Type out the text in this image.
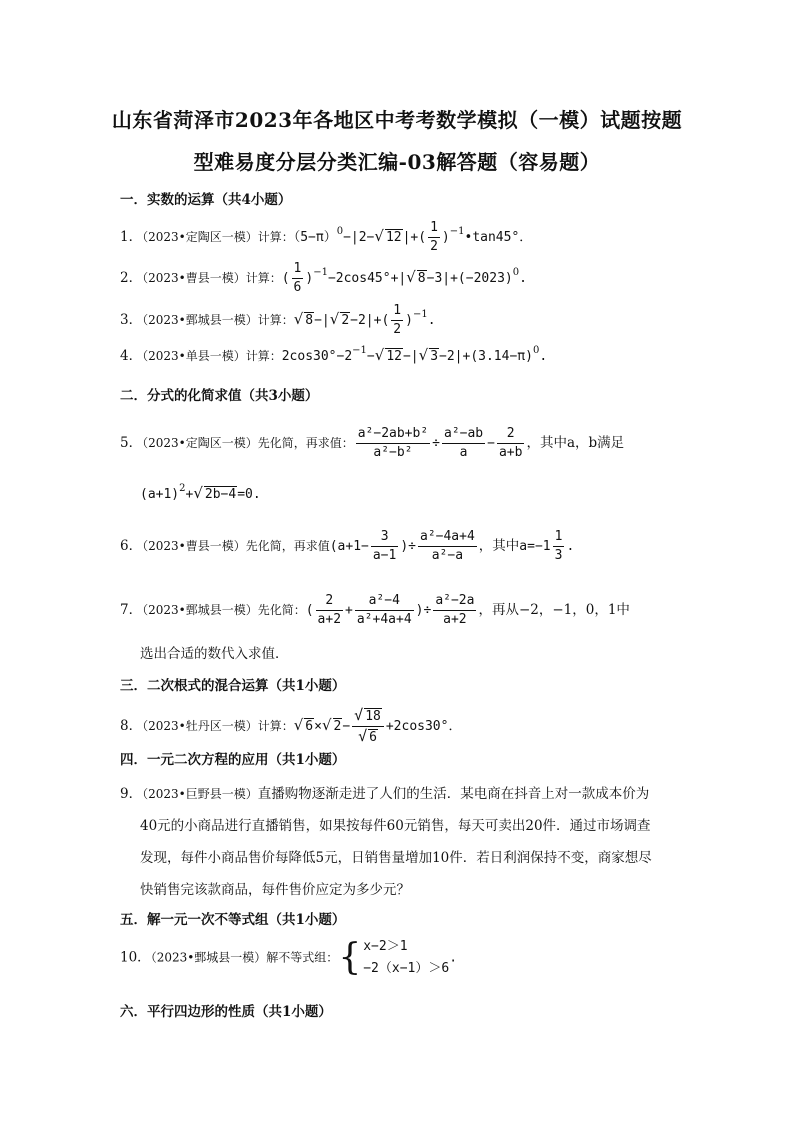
山东省菏泽市2023年各地区中考考数学模拟（一模）试题按题
型难易度分层分类汇编-03解答题（容易题）
一．实数的运算（共4小题）
1．（2023•定陶区一模）计算：$(5-\pi)^0-|2-√$ $12|+( \frac{1}{2}$ )$^{-1}•\tan 45^\circ$．
2．（2023•曹县一模）计算：( $\frac{1}{6} )^{-1}-2\cos 45^\circ+|√$ $8-3|+(-2023)^0$.
3．（2023•鄄城县一模）计算：√ 8−|√ $2-2|+( \frac{1}{2} )^{-1}$.
4．（2023•单县一模）计算：$2\cos 30^\circ-2^{-1}-√$ 12−|√ $3-2|+(3.14-\pi)^0$.
二．分式的化简求值（共3小题）
5．（2023•定陶区一模）先化简，再求值： $\frac{\text{a²−2ab+b²}}{\text{a²−b²}} \div \frac{\text{a²−ab}}{a} - \frac{2}{a+b}$ ，其中a，b满足
$(a+1)^2+√$ 2b−4=0.
6．（2023•曹县一模）先化简，再求值($a+1- \frac{3}{a-1}$ )÷ $\frac{\text{a²−4a+4}}{\text{a²−a}}$ ，其中$a=-1 \frac{1}{3}$ .
7．（2023•鄄城县一模）先化简：( $\frac{2}{a+2} + \frac{\text{a²−4}}{\text{a²+4a+4}}$ )÷ $\frac{\text{a²−2a}}{a+2}$ ，再从−2，−1，0，1中
选出合适的数代入求值．
三．二次根式的混合运算（共1小题）
8．（2023•牡丹区一模）计算：√ 6×√ $2- \frac{√ 18}{√ 6} +2\cos 30^\circ$．
四．一元二次方程的应用（共1小题）
9．（2023•巨野县一模）直播购物逐渐走进了人们的生活．某电商在抖音上对一款成本价为
40元的小商品进行直播销售，如果按每件60元销售，每天可卖出20件．通过市场调查
发现，每件小商品售价每降低5元，日销售量增加10件．若日利润保持不变，商家想尽
快销售完该款商品，每件售价应定为多少元？
五．解一元一次不等式组（共1小题）
10．（2023•鄄城县一模）解不等式组：{ x−2＞1
−2（x−1）＞6
.
六．平行四边形的性质（共1小题）
